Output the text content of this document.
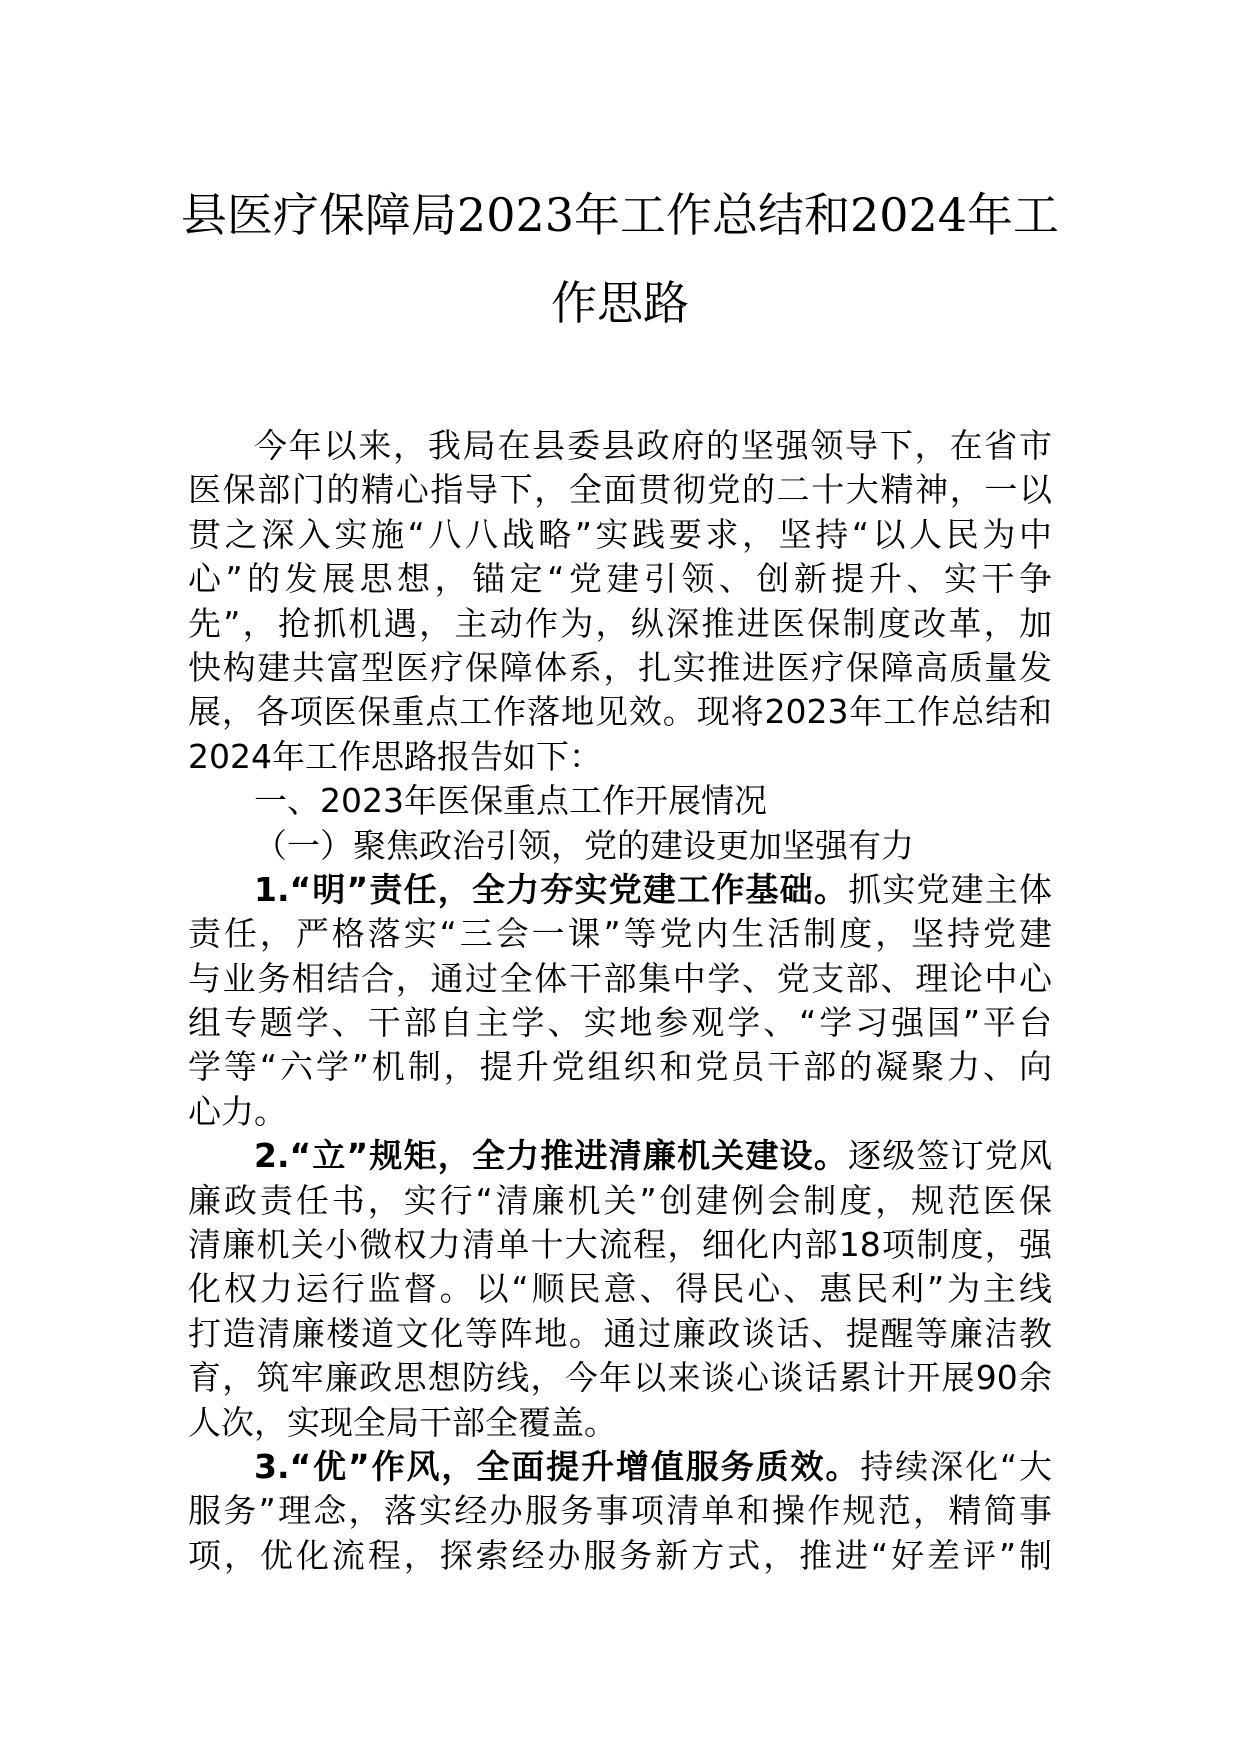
县医疗保障局2023年工作总结和2024年工
作思路
今年以来，我局在县委县政府的坚强领导下，在省市
医保部门的精心指导下，全面贯彻党的二十大精神，一以
贯之深入实施“八八战略”实践要求，坚持“以人民为中
心”的发展思想，锚定“党建引领、创新提升、实干争
先”，抢抓机遇，主动作为，纵深推进医保制度改革，加
快构建共富型医疗保障体系，扎实推进医疗保障高质量发
展，各项医保重点工作落地见效。现将2023年工作总结和
2024年工作思路报告如下：
一、2023年医保重点工作开展情况
（一）聚焦政治引领，党的建设更加坚强有力
1.“明”责任，全力夯实党建工作基础。抓实党建主体
责任，严格落实“三会一课”等党内生活制度，坚持党建
与业务相结合，通过全体干部集中学、党支部、理论中心
组专题学、干部自主学、实地参观学、“学习强国”平台
学等“六学”机制，提升党组织和党员干部的凝聚力、向
心力。
2.“立”规矩，全力推进清廉机关建设。逐级签订党风
廉政责任书，实行“清廉机关”创建例会制度，规范医保
清廉机关小微权力清单十大流程，细化内部18项制度，强
化权力运行监督。以“顺民意、得民心、惠民利”为主线
打造清廉楼道文化等阵地。通过廉政谈话、提醒等廉洁教
育，筑牢廉政思想防线，今年以来谈心谈话累计开展90余
人次，实现全局干部全覆盖。
3.“优”作风，全面提升增值服务质效。持续深化“大
服务”理念，落实经办服务事项清单和操作规范，精简事
项，优化流程，探索经办服务新方式，推进“好差评”制
